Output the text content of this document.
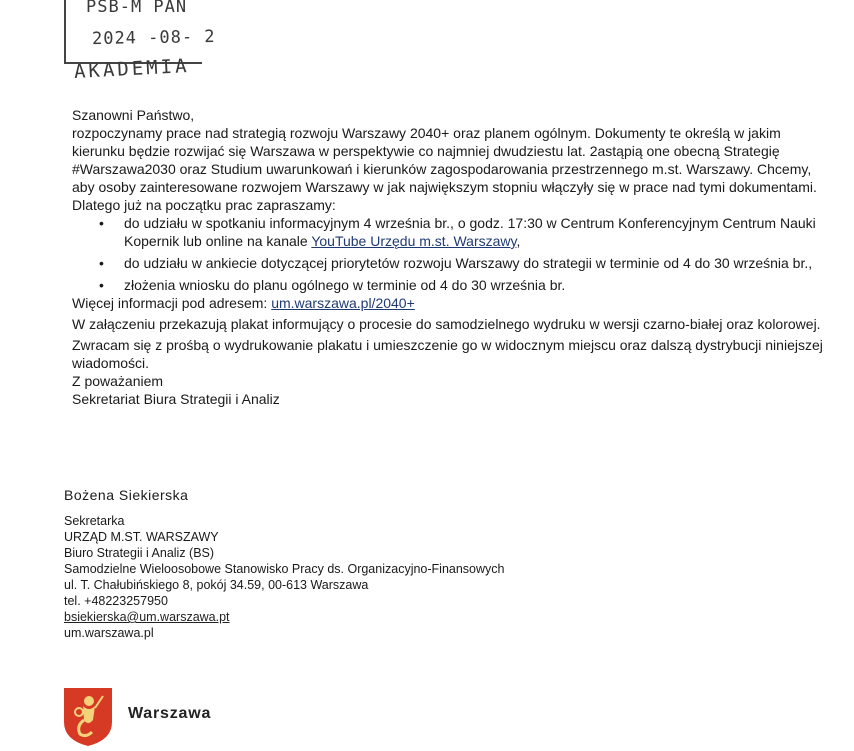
PSB-M PAN
2024 -08- 2
AKADEMIA

Szanowni Państwo,

rozpoczynamy prace nad strategią rozwoju Warszawy 2040+ oraz planem ogólnym. Dokumenty te określą w jakim kierunku będzie rozwijać się Warszawa w perspektywie co najmniej dwudziestu lat. 2astąpią one obecną Strategię #Warszawa2030 oraz Studium uwarunkowań i kierunków zagospodarowania przestrzennego m.st. Warszawy. Chcemy, aby osoby zainteresowane rozwojem Warszawy w jak największym stopniu włączyły się w prace nad tymi dokumentami. Dlatego już na początku prac zapraszamy:

• do udziału w spotkaniu informacyjnym 4 września br., o godz. 17:30 w Centrum Konferencyjnym Centrum Nauki Kopernik lub online na kanale YouTube Urzędu m.st. Warszawy,
• do udziału w ankiecie dotyczącej priorytetów rozwoju Warszawy do strategii w terminie od 4 do 30 września br.,
• złożenia wniosku do planu ogólnego w terminie od 4 do 30 września br.

Więcej informacji pod adresem: um.warszawa.pl/2040+

W załączeniu przekazują plakat informujący o procesie do samodzielnego wydruku w wersji czarno-białej oraz kolorowej.

Zwracam się z prośbą o wydrukowanie plakatu i umieszczenie go w widocznym miejscu oraz dalszą dystrybucji niniejszej wiadomości.

Z poważaniem

Sekretariat Biura Strategii i Analiz

Bożena Siekierska
Sekretarka
URZĄD M.ST. WARSZAWY
Biuro Strategii i Analiz (BS)
Samodzielne Wieloosobowe Stanowisko Pracy ds. Organizacyjno-Finansowych
ul. T. Chałubińskiego 8, pokój 34.59, 00-613 Warszawa
tel. +48223257950
bsiekierska@um.warszawa.pt
um.warszawa.pl
Warszawa
